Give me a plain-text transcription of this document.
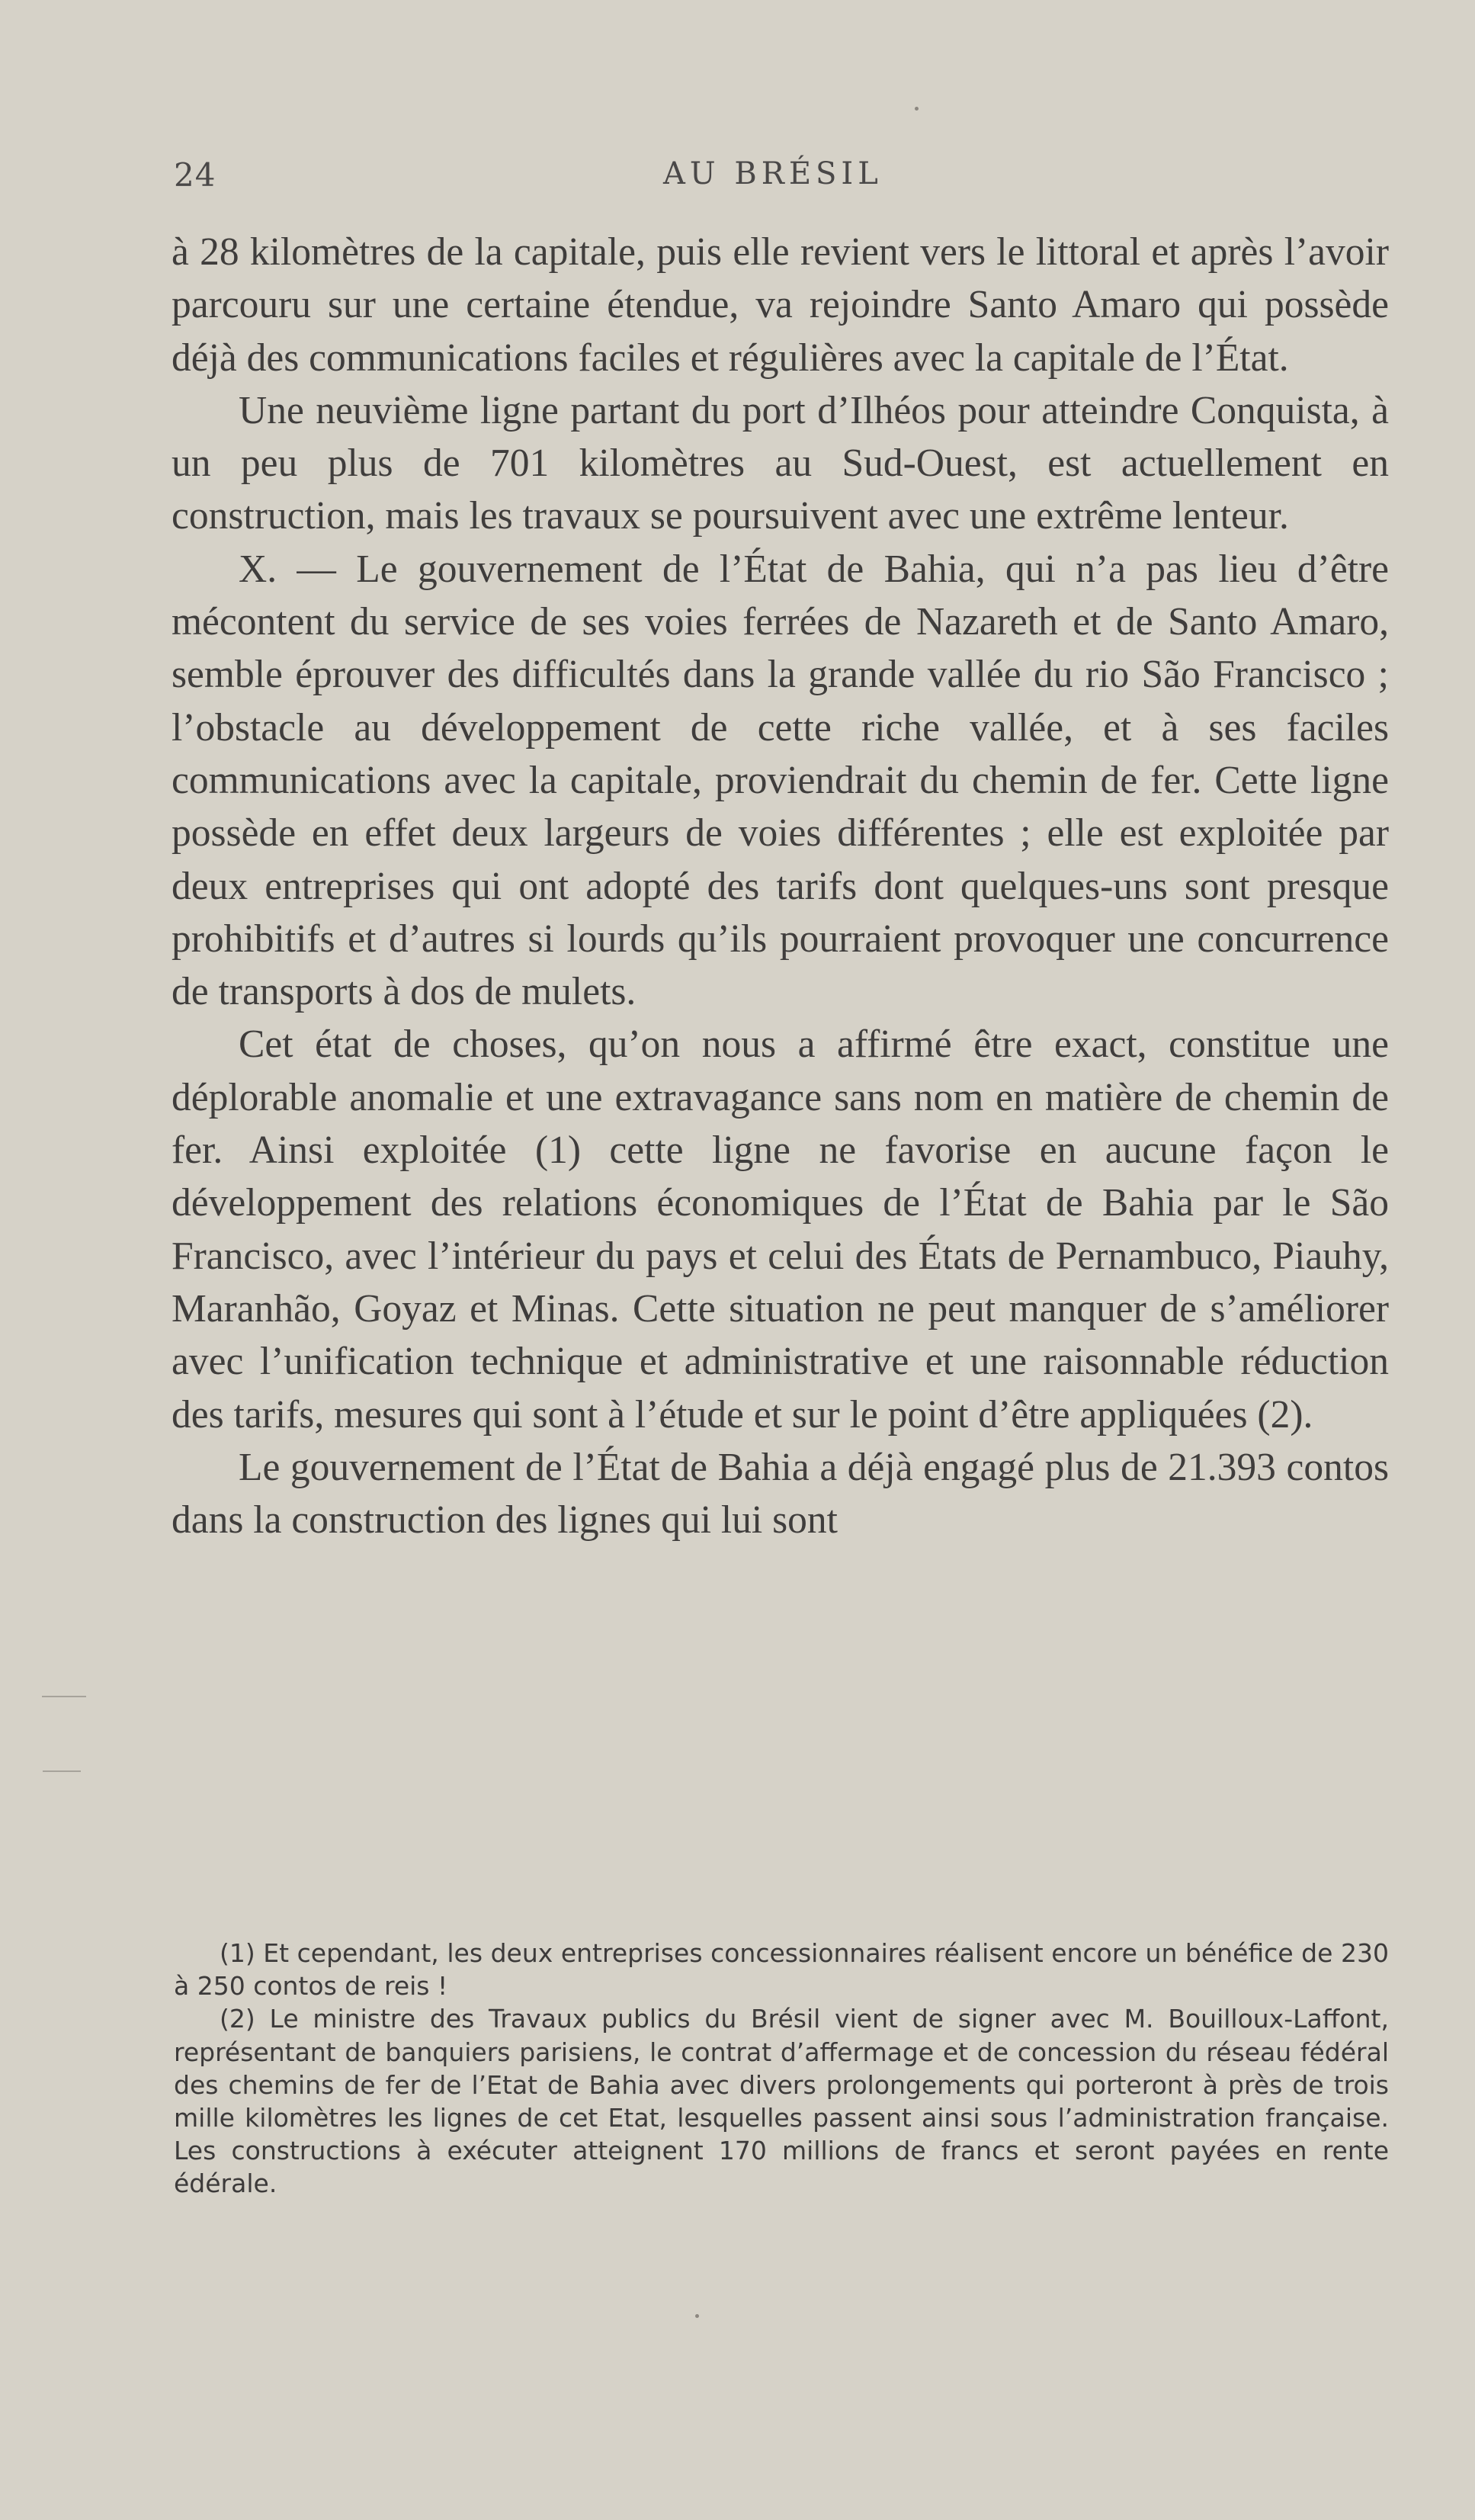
24	AU BRÉSIL

à 28 kilomètres de la capitale, puis elle revient vers le littoral et après l’avoir parcouru sur une certaine étendue, va rejoindre Santo Amaro qui possède déjà des communications faciles et régulières avec la capitale de l’État.

Une neuvième ligne partant du port d’Ilhéos pour atteindre Conquista, à un peu plus de 701 kilomètres au Sud-Ouest, est actuellement en construction, mais les travaux se poursuivent avec une extrême lenteur.

X. — Le gouvernement de l’État de Bahia, qui n’a pas lieu d’être mécontent du service de ses voies ferrées de Nazareth et de Santo Amaro, semble éprouver des difficultés dans la grande vallée du rio São Francisco ; l’obstacle au développement de cette riche vallée, et à ses faciles communications avec la capitale, proviendrait du chemin de fer. Cette ligne possède en effet deux largeurs de voies différentes ; elle est exploitée par deux entreprises qui ont adopté des tarifs dont quelques-uns sont presque prohibitifs et d’autres si lourds qu’ils pourraient provoquer une concurrence de transports à dos de mulets.

Cet état de choses, qu’on nous a affirmé être exact, constitue une déplorable anomalie et une extravagance sans nom en matière de chemin de fer. Ainsi exploitée (1) cette ligne ne favorise en aucune façon le développement des relations économiques de l’État de Bahia par le São Francisco, avec l’intérieur du pays et celui des États de Pernambuco, Piauhy, Maranhão, Goyaz et Minas. Cette situation ne peut manquer de s’améliorer avec l’unification technique et administrative et une raisonnable réduction des tarifs, mesures qui sont à l’étude et sur le point d’être appliquées (2).

Le gouvernement de l’État de Bahia a déjà engagé plus de 21.393 contos dans la construction des lignes qui lui sont

(1) Et cependant, les deux entreprises concessionnaires réalisent encore un bénéfice de 230 à 250 contos de reis !

(2) Le ministre des Travaux publics du Brésil vient de signer avec M. Bouilloux-Laffont, représentant de banquiers parisiens, le contrat d’affermage et de concession du réseau fédéral des chemins de fer de l’Etat de Bahia avec divers prolongements qui porteront à près de trois mille kilomètres les lignes de cet Etat, lesquelles passent ainsi sous l’administration française. Les constructions à exécuter atteignent 170 millions de francs et seront payées en rente édérale.
